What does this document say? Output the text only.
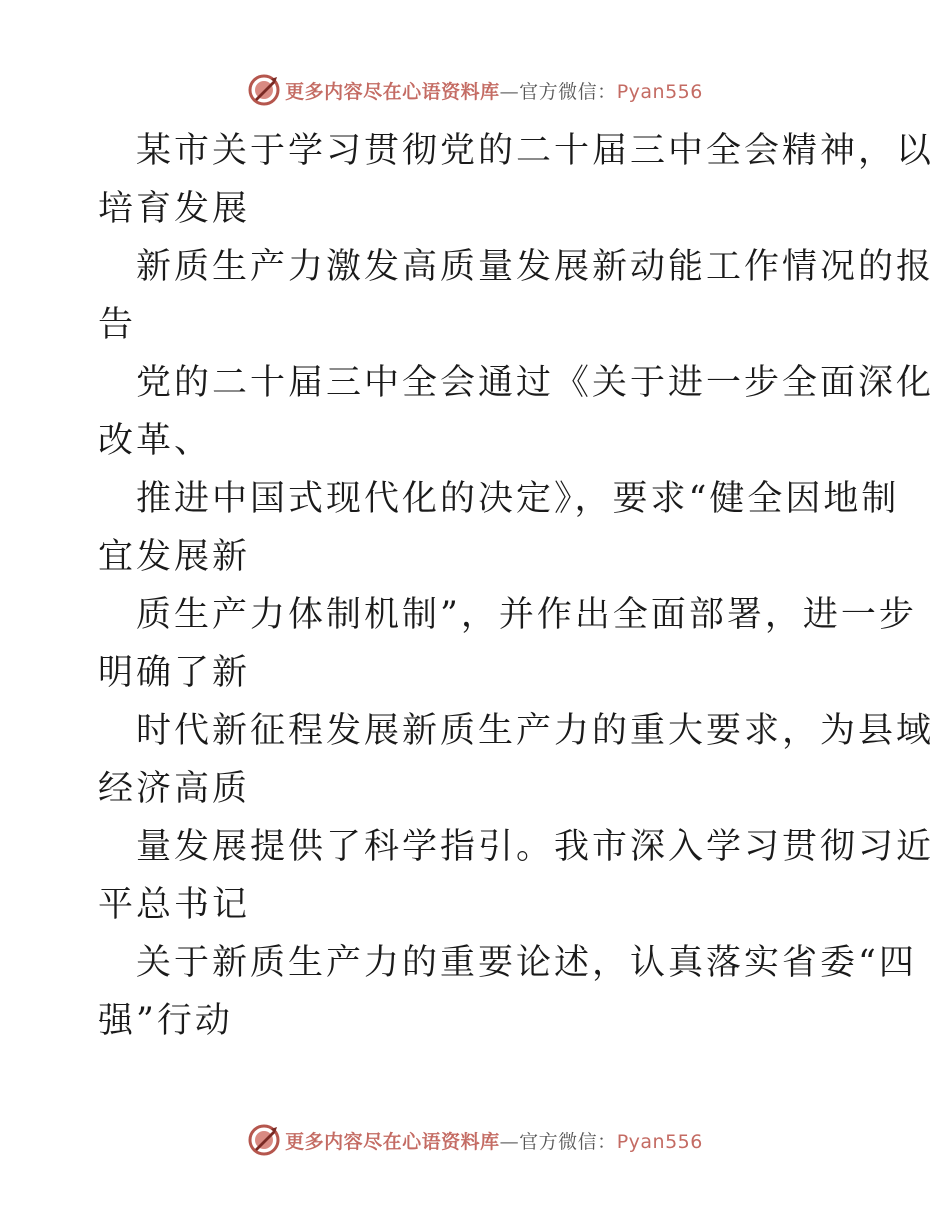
更多内容尽在心语资料库—官方微信：Pyan556
某市关于学习贯彻党的二十届三中全会精神，以
培育发展
新质生产力激发高质量发展新动能工作情况的报
告
党的二十届三中全会通过《关于进一步全面深化
改革、
推进中国式现代化的决定》，要求“健全因地制
宜发展新
质生产力体制机制”，并作出全面部署，进一步
明确了新
时代新征程发展新质生产力的重大要求，为县域
经济高质
量发展提供了科学指引。我市深入学习贯彻习近
平总书记
关于新质生产力的重要论述，认真落实省委“四
强”行动
更多内容尽在心语资料库—官方微信：Pyan556
